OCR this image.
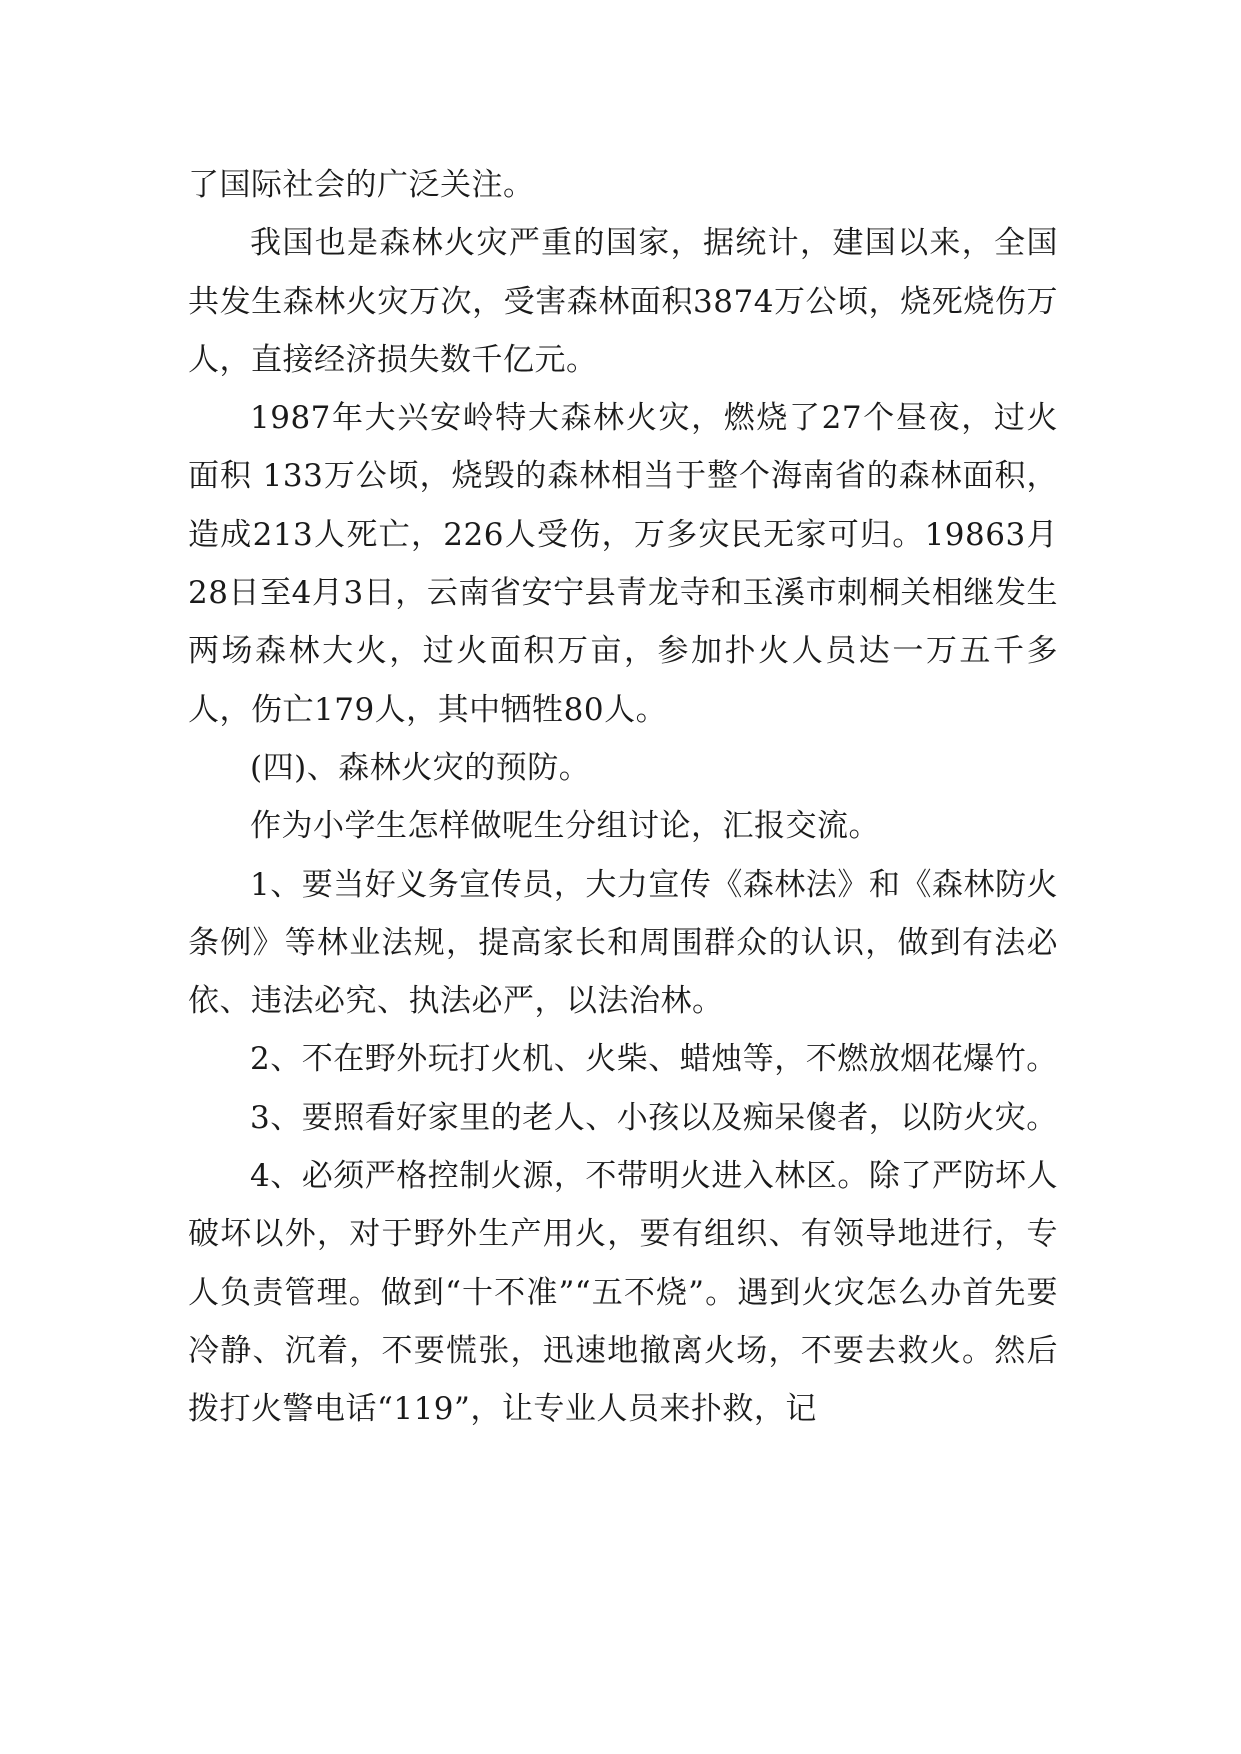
了国际社会的广泛关注。

我国也是森林火灾严重的国家，据统计，建国以来，全国共发生森林火灾万次，受害森林面积3874万公顷，烧死烧伤万人，直接经济损失数千亿元。

1987年大兴安岭特大森林火灾，燃烧了27个昼夜，过火面积 133万公顷，烧毁的森林相当于整个海南省的森林面积，造成213人死亡，226人受伤，万多灾民无家可归。19863月28日至4月3日，云南省安宁县青龙寺和玉溪市刺桐关相继发生两场森林大火，过火面积万亩，参加扑火人员达一万五千多人，伤亡179人，其中牺牲80人。

(四)、森林火灾的预防。

作为小学生怎样做呢生分组讨论，汇报交流。

1、要当好义务宣传员，大力宣传《森林法》和《森林防火条例》等林业法规，提高家长和周围群众的认识，做到有法必依、违法必究、执法必严，以法治林。

2、不在野外玩打火机、火柴、蜡烛等，不燃放烟花爆竹。

3、要照看好家里的老人、小孩以及痴呆傻者，以防火灾。

4、必须严格控制火源，不带明火进入林区。除了严防坏人破坏以外，对于野外生产用火，要有组织、有领导地进行，专人负责管理。做到“十不准”“五不烧”。遇到火灾怎么办首先要冷静、沉着，不要慌张，迅速地撤离火场，不要去救火。然后拨打火警电话“119”，让专业人员来扑救，记
